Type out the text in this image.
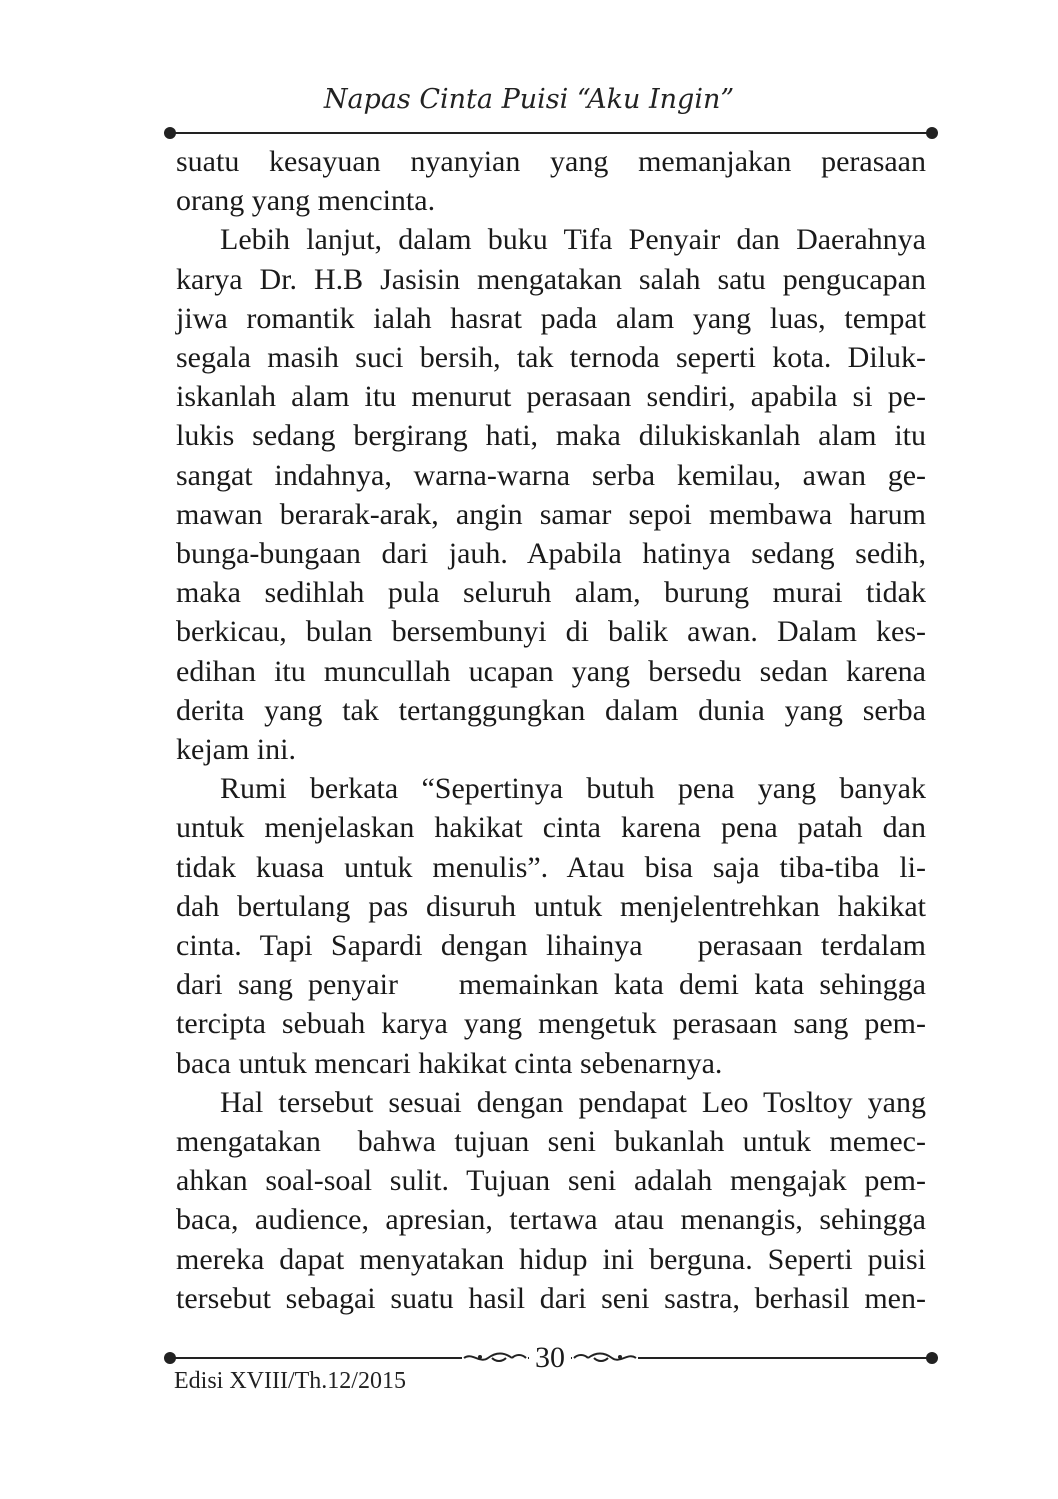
Napas Cinta Puisi “Aku Ingin”

suatu kesayuan nyanyian yang memanjakan perasaan
orang yang mencinta.

Lebih lanjut, dalam buku Tifa Penyair dan Daerahnya
karya Dr. H.B Jasisin mengatakan salah satu pengucapan
jiwa romantik ialah hasrat pada alam yang luas, tempat
segala masih suci bersih, tak ternoda seperti kota. Diluk-
iskanlah alam itu menurut perasaan sendiri, apabila si pe-
lukis sedang bergirang hati, maka dilukiskanlah alam itu
sangat indahnya, warna-warna serba kemilau, awan ge-
mawan berarak-arak, angin samar sepoi membawa harum
bunga-bungaan dari jauh. Apabila hatinya sedang sedih,
maka sedihlah pula seluruh alam, burung murai tidak
berkicau, bulan bersembunyi di balik awan. Dalam kes-
edihan itu muncullah ucapan yang bersedu sedan karena
derita yang tak tertanggungkan dalam dunia yang serba
kejam ini.

Rumi berkata “Sepertinya butuh pena yang banyak
untuk menjelaskan hakikat cinta karena pena patah dan
tidak kuasa untuk menulis”. Atau bisa saja tiba-tiba li-
dah bertulang pas disuruh untuk menjelentrehkan hakikat
cinta. Tapi Sapardi dengan lihainya   perasaan terdalam
dari sang penyair    memainkan kata demi kata sehingga
tercipta sebuah karya yang mengetuk perasaan sang pem-
baca untuk mencari hakikat cinta sebenarnya.

Hal tersebut sesuai dengan pendapat Leo Tosltoy yang
mengatakan  bahwa tujuan seni bukanlah untuk memec-
ahkan soal-soal sulit. Tujuan seni adalah mengajak pem-
baca, audience, apresian, tertawa atau menangis, sehingga
mereka dapat menyatakan hidup ini berguna. Seperti puisi
tersebut sebagai suatu hasil dari seni sastra, berhasil men-

30
Edisi XVIII/Th.12/2015
